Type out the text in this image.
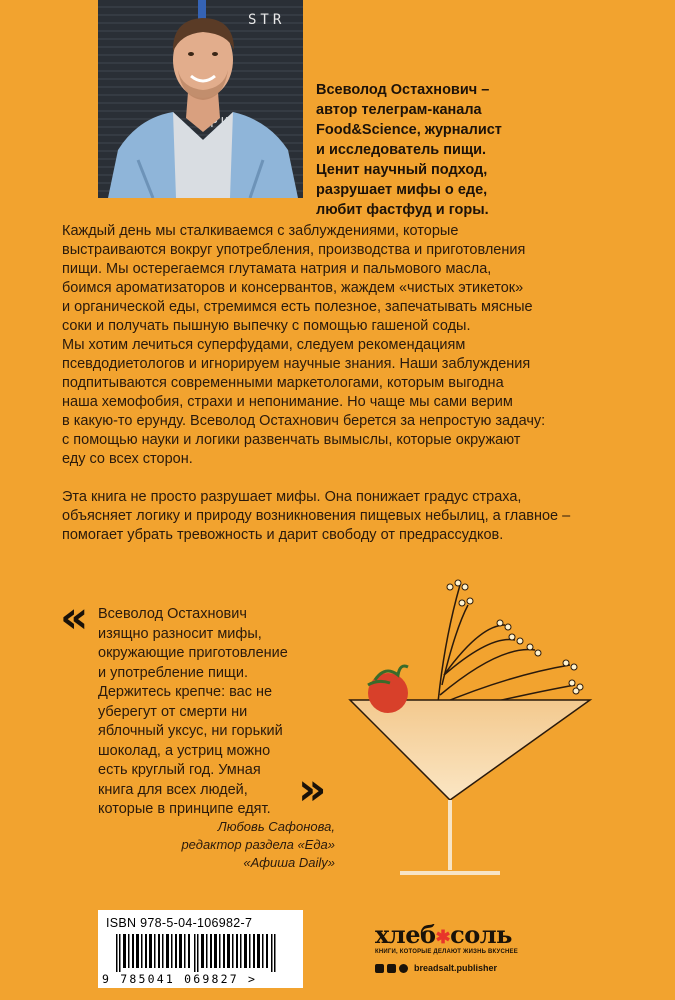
STR

Всеволод Остахнович –

автор телеграм-канала

Food&Science, журналист

и исследователь пищи.

Ценит научный подход,

разрушает мифы о еде,

любит фастфуд и горы.

Каждый день мы сталкиваемся с заблуждениями, которые
выстраиваются вокруг употребления, производства и приготовления
пищи. Мы остерегаемся глутамата натрия и пальмового масла,
боимся ароматизаторов и консервантов, жаждем «чистых этикеток»
и органической еды, стремимся есть полезное, запечатывать мясные
соки и получать пышную выпечку с помощью гашеной соды.
Мы хотим лечиться суперфудами, следуем рекомендациям
псевдодиетологов и игнорируем научные знания. Наши заблуждения
подпитываются современными маркетологами, которым выгодна
наша хемофобия, страхи и непонимание. Но чаще мы сами верим
в какую-то ерунду. Всеволод Остахнович берется за непростую задачу:
с помощью науки и логики развенчать вымыслы, которые окружают
еду со всех сторон.

Эта книга не просто разрушает мифы. Она понижает градус страха,
объясняет логику и природу возникновения пищевых небылиц, а главное –
помогает убрать тревожность и дарит свободу от предрассудков.

« Всеволод Остахнович
изящно разносит мифы,
окружающие приготовление
и употребление пищи.
Держитесь крепче: вас не
уберегут от смерти ни
яблочный уксус, ни горький
шоколад, а устриц можно
есть круглый год. Умная
книга для всех людей,
которые в принципе едят. »
Любовь Сафонова,
редактор раздела «Еда»
«Афиша Daily»
ISBN 978-5-04-106982-7
9 785041 069827 >
хлеб✱соль
КНИГИ, КОТОРЫЕ ДЕЛАЮТ ЖИЗНЬ ВКУСНЕЕ
breadsalt.publisher
